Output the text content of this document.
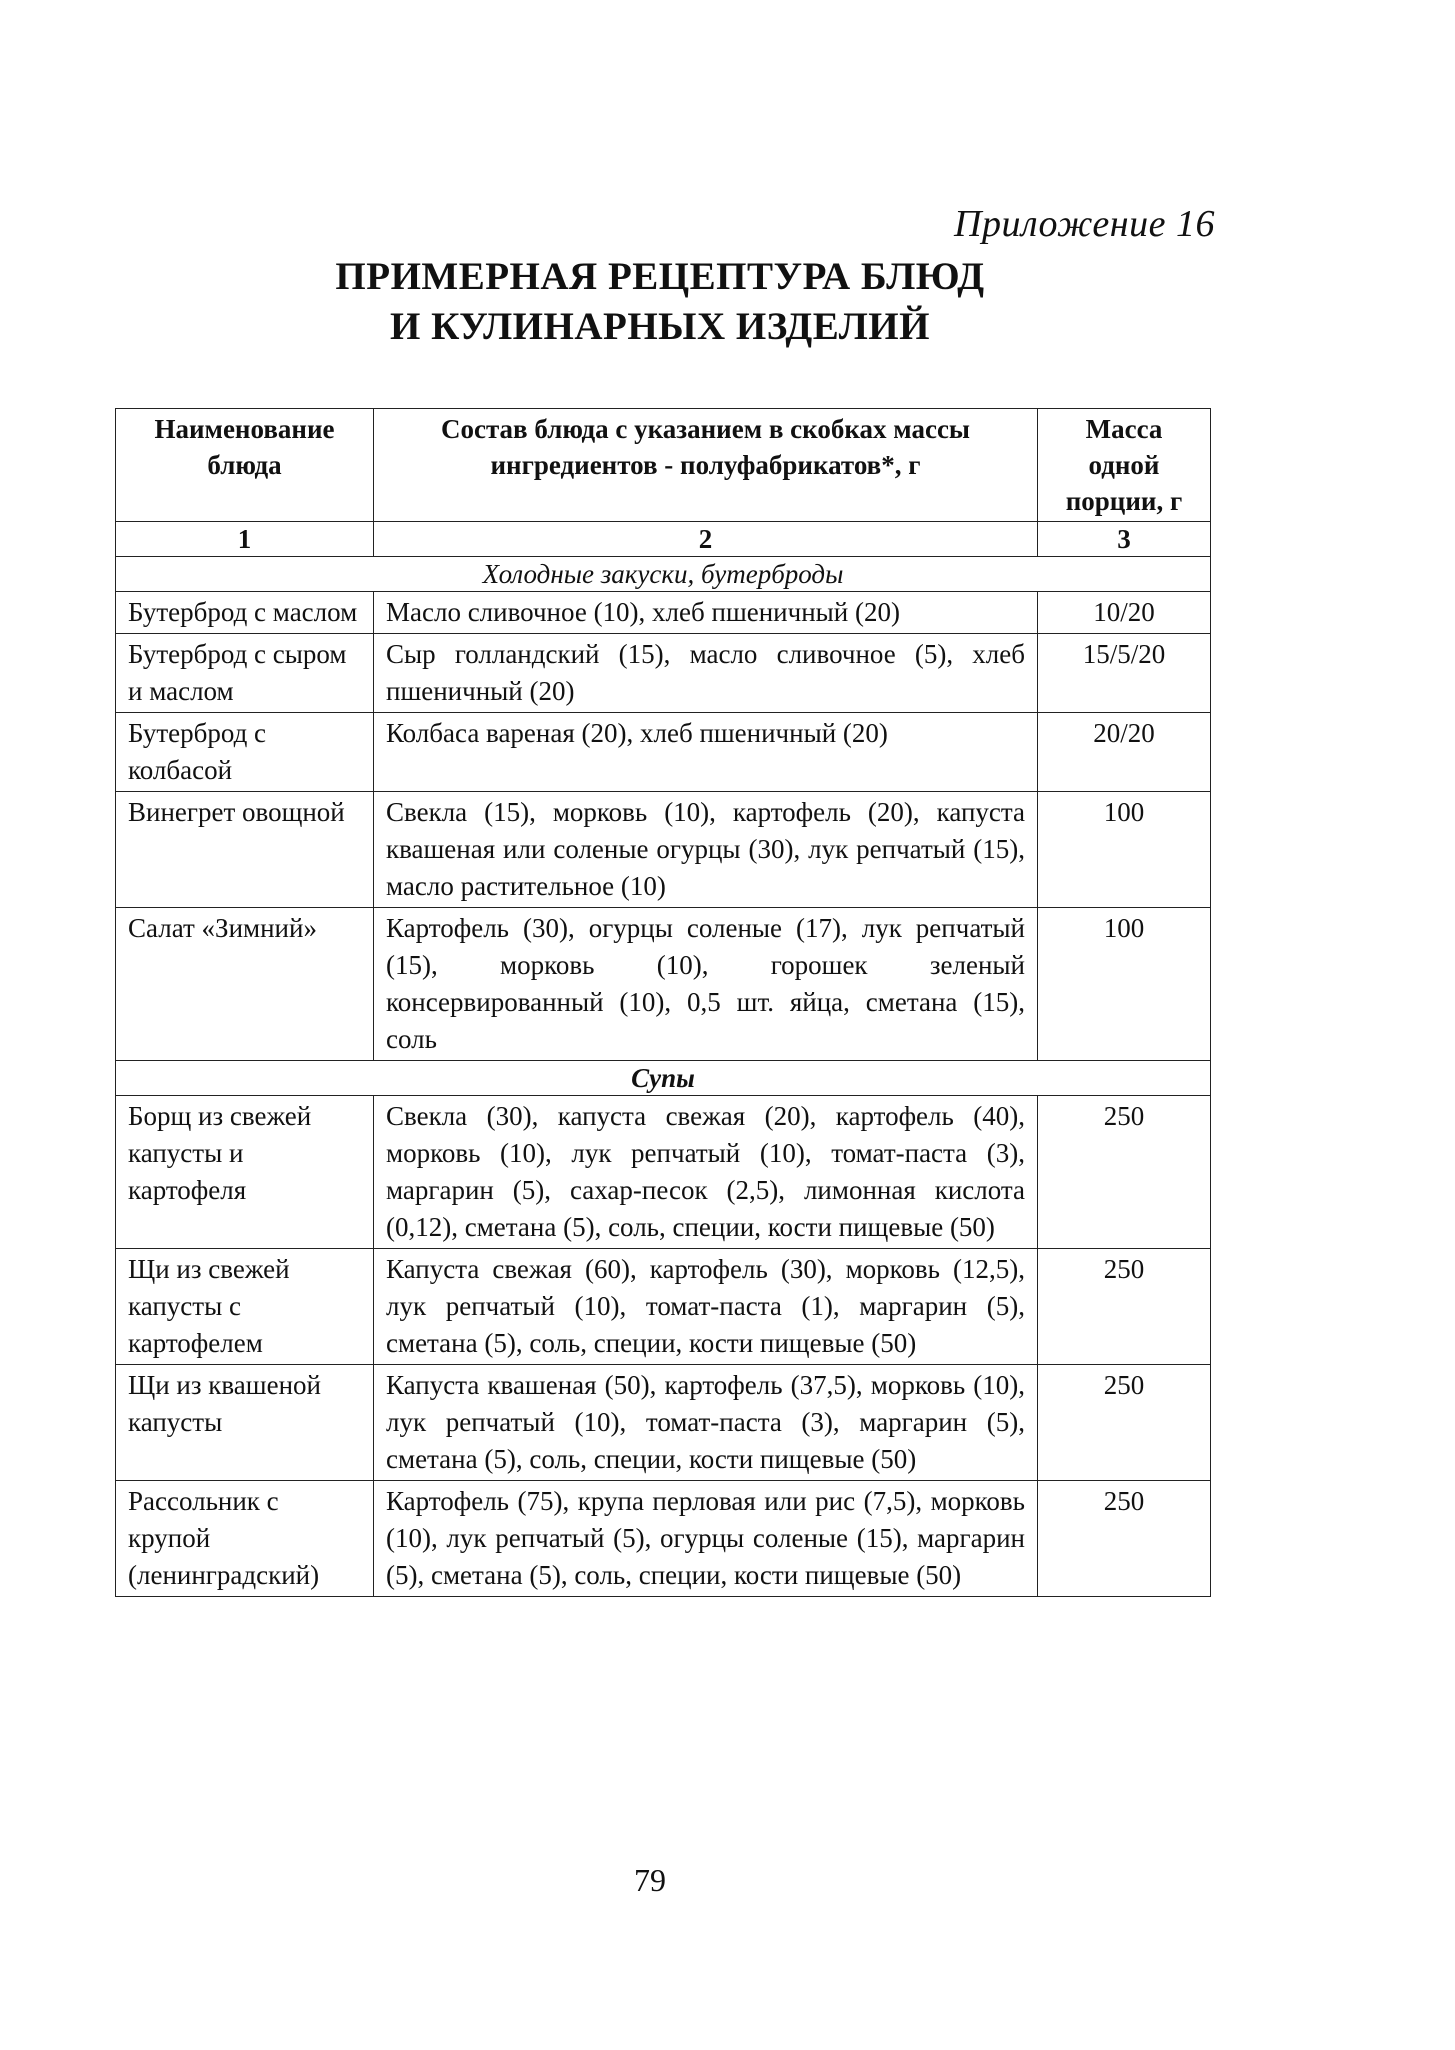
Приложение 16
ПРИМЕРНАЯ РЕЦЕПТУРА БЛЮД
И КУЛИНАРНЫХ ИЗДЕЛИЙ
Наименование блюда	Состав блюда с указанием в скобках массы ингредиентов - полуфабрикатов*, г	Масса одной порции, г
1	2	3
Холодные закуски, бутерброды		
Бутерброд с маслом	Масло сливочное (10), хлеб пшеничный (20)	10/20
Бутерброд с сыром и маслом	Сыр голландский (15), масло сливочное (5), хлеб пшеничный (20)	15/5/20
Бутерброд с колбасой	Колбаса вареная (20), хлеб пшеничный (20)	20/20
Винегрет овощной	Свекла (15), морковь (10), картофель (20), капуста квашеная или соленые огурцы (30), лук репчатый (15), масло растительное (10)	100
Салат «Зимний»	Картофель (30), огурцы соленые (17), лук репчатый (15), морковь (10), горошек зеленый консервированный (10), 0,5 шт. яйца, сметана (15), соль	100
Супы		
Борщ из свежей капусты и картофеля	Свекла (30), капуста свежая (20), картофель (40), морковь (10), лук репчатый (10), томат-паста (3), маргарин (5), сахар-песок (2,5), лимонная кислота (0,12), сметана (5), соль, специи, кости пищевые (50)	250
Щи из свежей капусты с картофелем	Капуста свежая (60), картофель (30), морковь (12,5), лук репчатый (10), томат-паста (1), маргарин (5), сметана (5), соль, специи, кости пищевые (50)	250
Щи из квашеной капусты	Капуста квашеная (50), картофель (37,5), морковь (10), лук репчатый (10), томат-паста (3), маргарин (5), сметана (5), соль, специи, кости пищевые (50)	250
Рассольник с крупой (ленинградский)	Картофель (75), крупа перловая или рис (7,5), морковь (10), лук репчатый (5), огурцы соленые (15), маргарин (5), сметана (5), соль, специи, кости пищевые (50)	250
79
